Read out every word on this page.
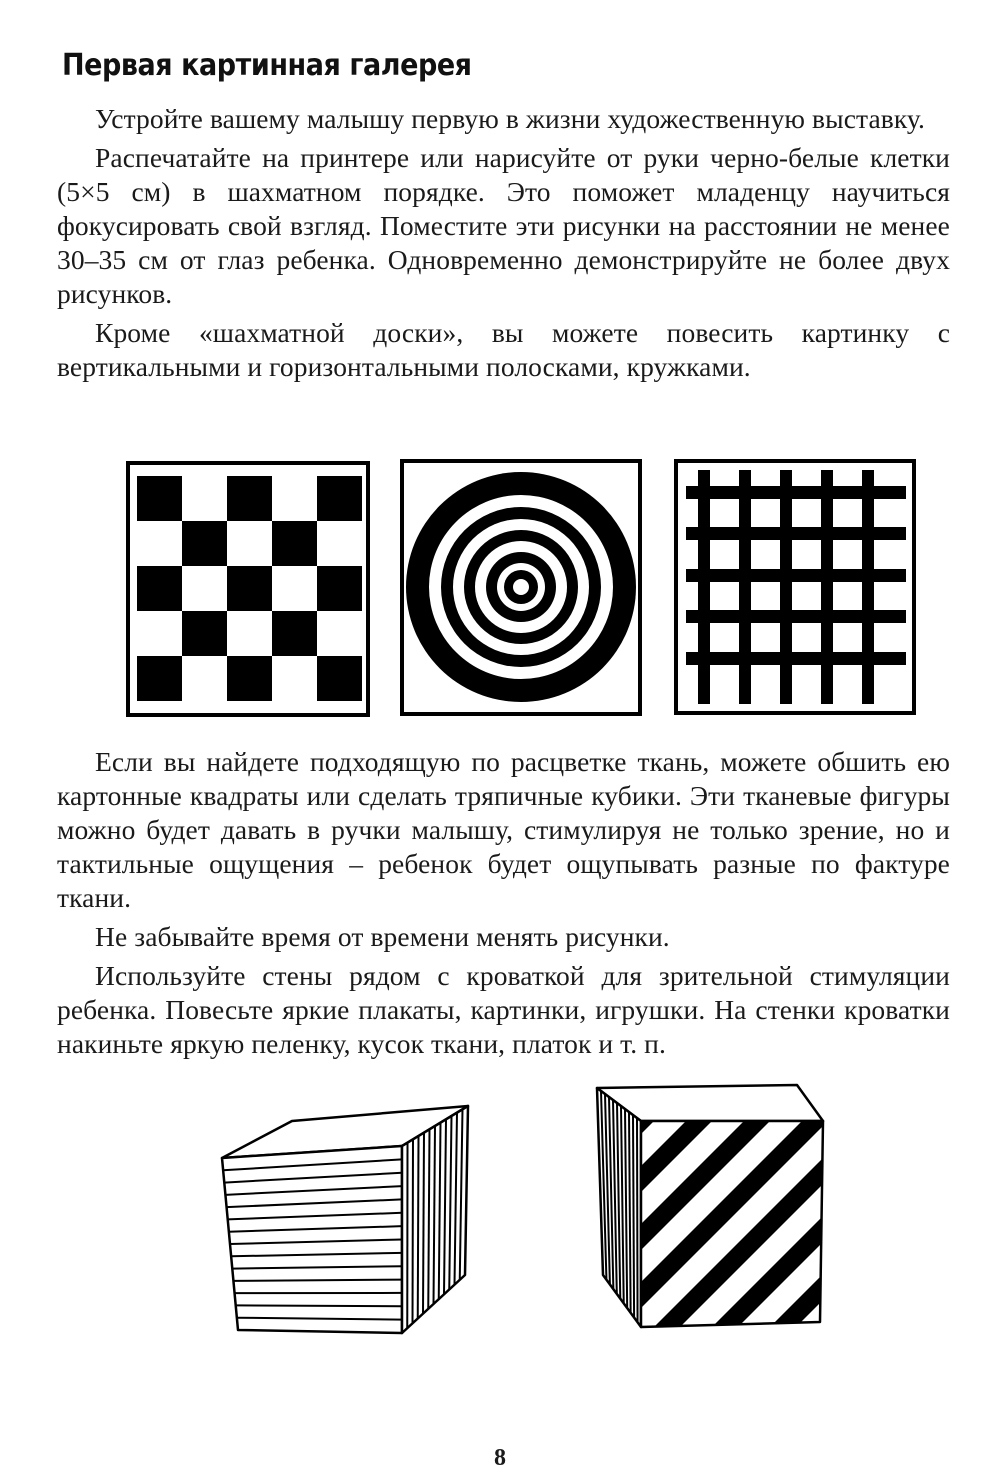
Первая картинная галерея

Устройте вашему малышу первую в жизни художественную выставку.

Распечатайте на принтере или нарисуйте от руки черно-белые клетки (5×5 см) в шахматном порядке. Это поможет младенцу научиться фокусировать свой взгляд. Поместите эти рисунки на расстоянии не менее 30–35 см от глаз ребенка. Одновременно демонстрируйте не более двух рисунков.

Кроме «шахматной доски», вы можете повесить картинку с вертикальными и горизонтальными полосками, кружками.

Если вы найдете подходящую по расцветке ткань, можете обшить ею картонные квадраты или сделать тряпичные кубики. Эти тканевые фигуры можно будет давать в ручки малышу, стимулируя не только зрение, но и тактильные ощущения – ребенок будет ощупывать разные по фактуре ткани.

Не забывайте время от времени менять рисунки.

Используйте стены рядом с кроваткой для зрительной стимуляции ребенка. Повесьте яркие плакаты, картинки, игрушки. На стенки кроватки накиньте яркую пеленку, кусок ткани, платок и т. п.

8
